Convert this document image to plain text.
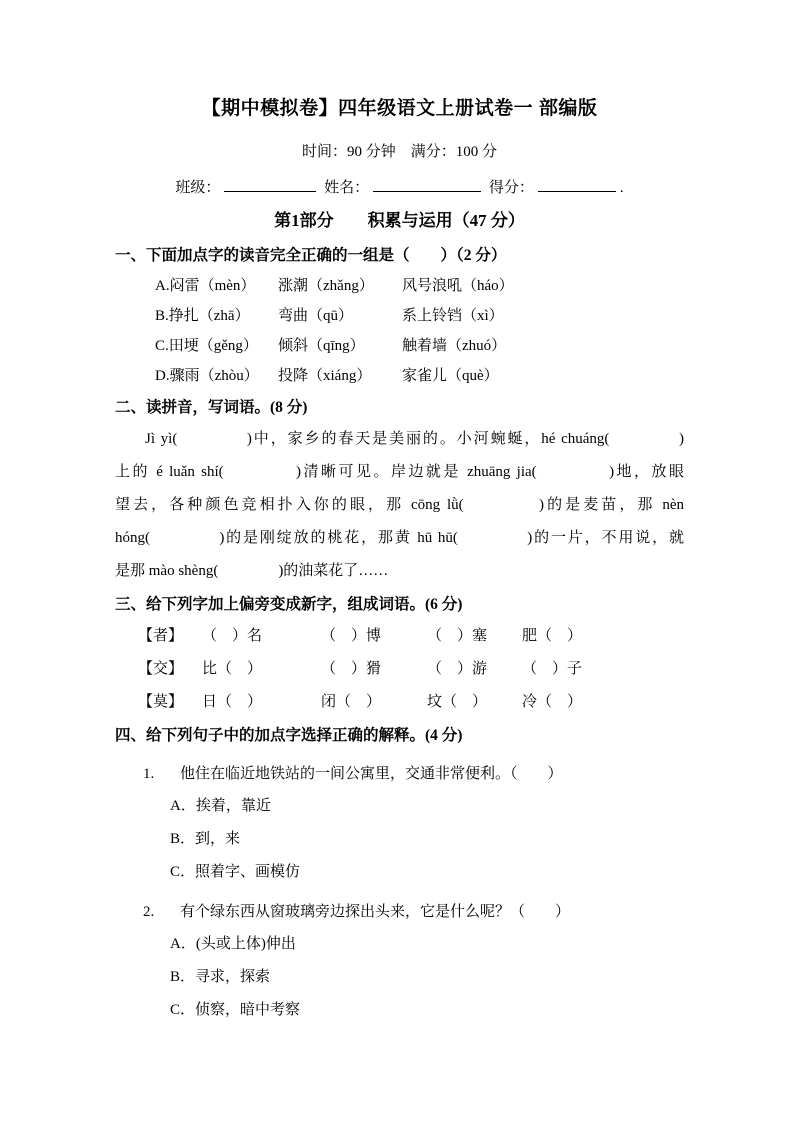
【期中模拟卷】四年级语文上册试卷一 部编版
时间：90 分钟　满分：100 分
班级：	姓名：	得分：	.
第1部分　　积累与运用（47 分）
一、下面加点字的读音完全正确的一组是（　　）（2 分）
A.闷雷（mèn）	涨潮（zhǎng）	风号浪吼（háo）
B.挣扎（zhā）	弯曲（qū）	系上铃铛（xì）
C.田埂（gěng）	倾斜（qīng）	触着墙（zhuó）
D.骤雨（zhòu）	投降（xiáng）	家雀儿（què）
二、读拼音，写词语。(8 分)
Jì yì(　　　　)中，家乡的春天是美丽的。小河蜿蜒，hé chuáng(　　　　)
上的 é luǎn shí(　　　　)清晰可见。岸边就是 zhuāng jia(　　　　)地，放眼
望去，各种颜色竞相扑入你的眼，那 cōng lǜ(　　　　)的是麦苗，那 nèn
hóng(　　　　)的是刚绽放的桃花，那黄 hū hū(　　　　)的一片，不用说，就
是那 mào shèng(　　　　)的油菜花了……
三、给下列字加上偏旁变成新字，组成词语。(6 分)
【者】	（　）名	（　）博	（　）塞	肥（　）
【交】	比（　）	（　）猾	（　）游	（　）子
【莫】	日（　）	闭（　）	坟（　）	冷（　）
四、给下列句子中的加点字选择正确的解释。(4 分)
1.	他住在临近地铁站的一间公寓里，交通非常便利。（　　）
A．挨着，靠近
B．到，来
C．照着字、画模仿
2.	有个绿东西从窗玻璃旁边探出头来，它是什么呢？（　　）
A．(头或上体)伸出
B．寻求，探索
C．侦察，暗中考察
